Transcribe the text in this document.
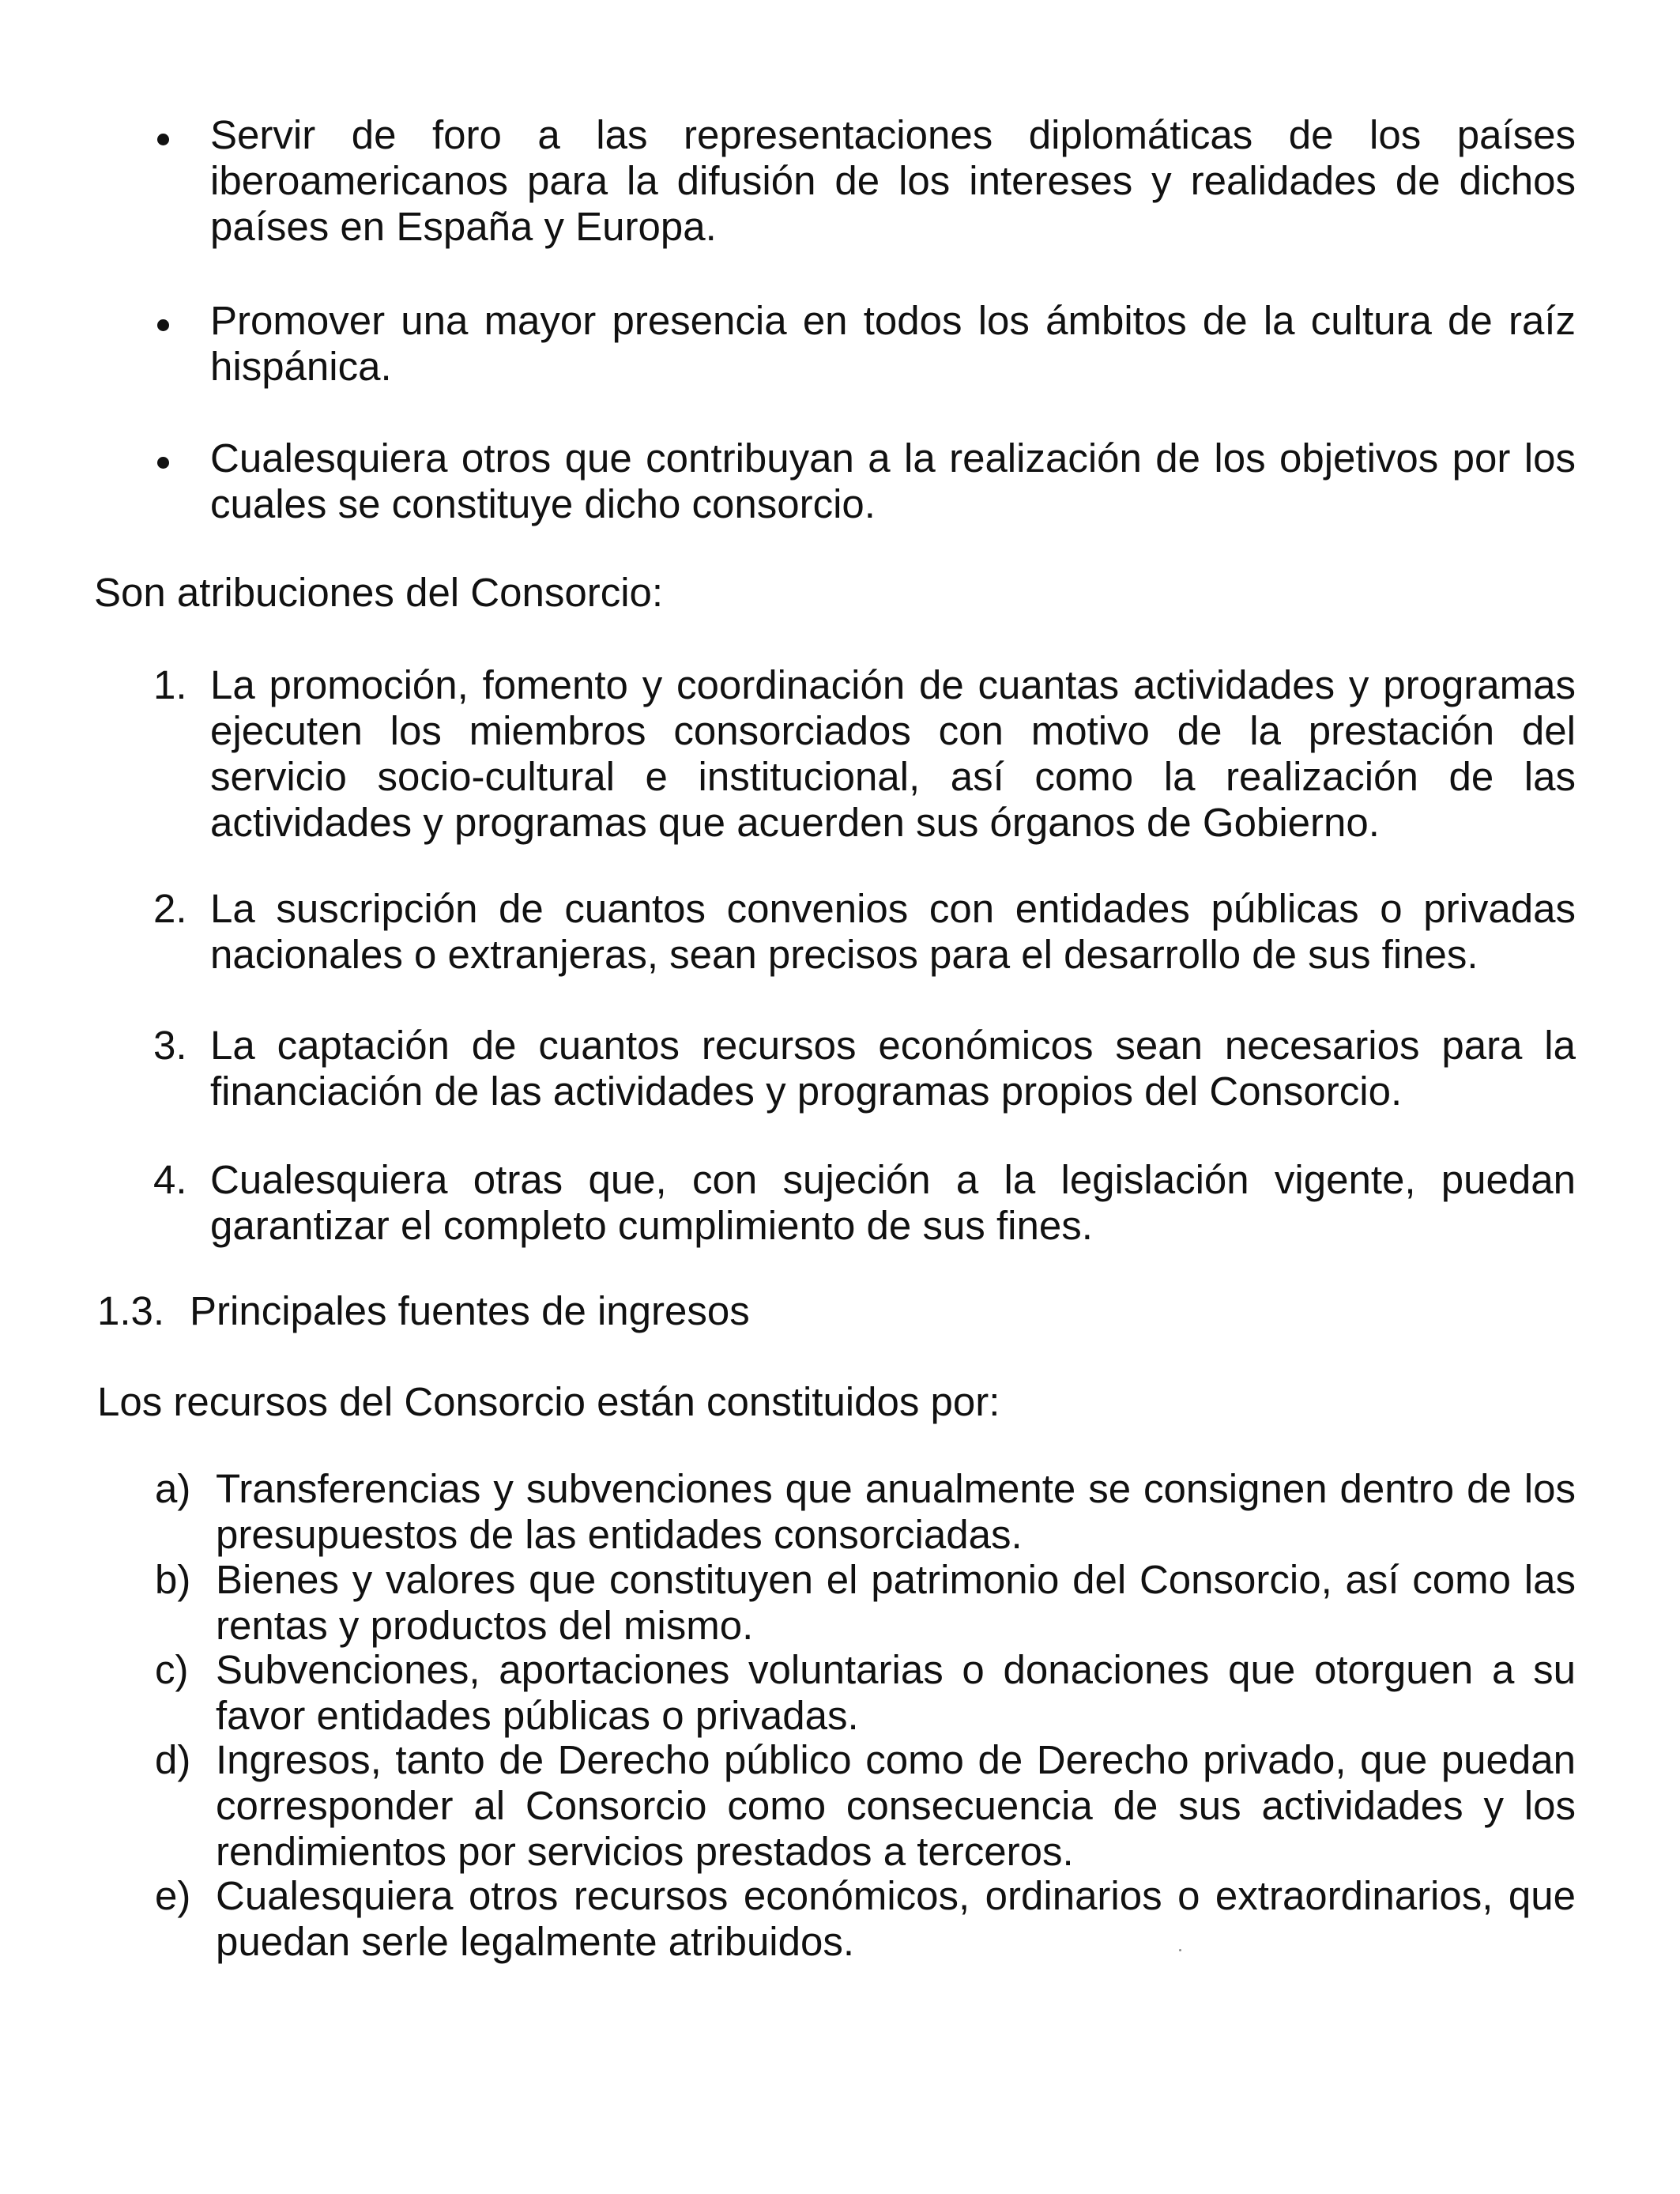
Servir de foro a las representaciones diplomáticas de los países iberoamericanos para la difusión de los intereses y realidades de dichos países en España y Europa.
Promover una mayor presencia en todos los ámbitos de la cultura de raíz hispánica.
Cualesquiera otros que contribuyan a la realización de los objetivos por los cuales se constituye dicho consorcio.
Son atribuciones del Consorcio:
1. La promoción, fomento y coordinación de cuantas actividades y programas ejecuten los miembros consorciados con motivo de la prestación del servicio socio-cultural e institucional, así como la realización de las actividades y programas que acuerden sus órganos de Gobierno.
2. La suscripción de cuantos convenios con entidades públicas o privadas nacionales o extranjeras, sean precisos para el desarrollo de sus fines.
3. La captación de cuantos recursos económicos sean necesarios para la financiación de las actividades y programas propios del Consorcio.
4. Cualesquiera otras que, con sujeción a la legislación vigente, puedan garantizar el completo cumplimiento de sus fines.
1.3. Principales fuentes de ingresos
Los recursos del Consorcio están constituidos por:
a) Transferencias y subvenciones que anualmente se consignen dentro de los presupuestos de las entidades consorciadas.
b) Bienes y valores que constituyen el patrimonio del Consorcio, así como las rentas y productos del mismo.
c) Subvenciones, aportaciones voluntarias o donaciones que otorguen a su favor entidades públicas o privadas.
d) Ingresos, tanto de Derecho público como de Derecho privado, que puedan corresponder al Consorcio como consecuencia de sus actividades y los rendimientos por servicios prestados a terceros.
e) Cualesquiera otros recursos económicos, ordinarios o extraordinarios, que puedan serle legalmente atribuidos.
